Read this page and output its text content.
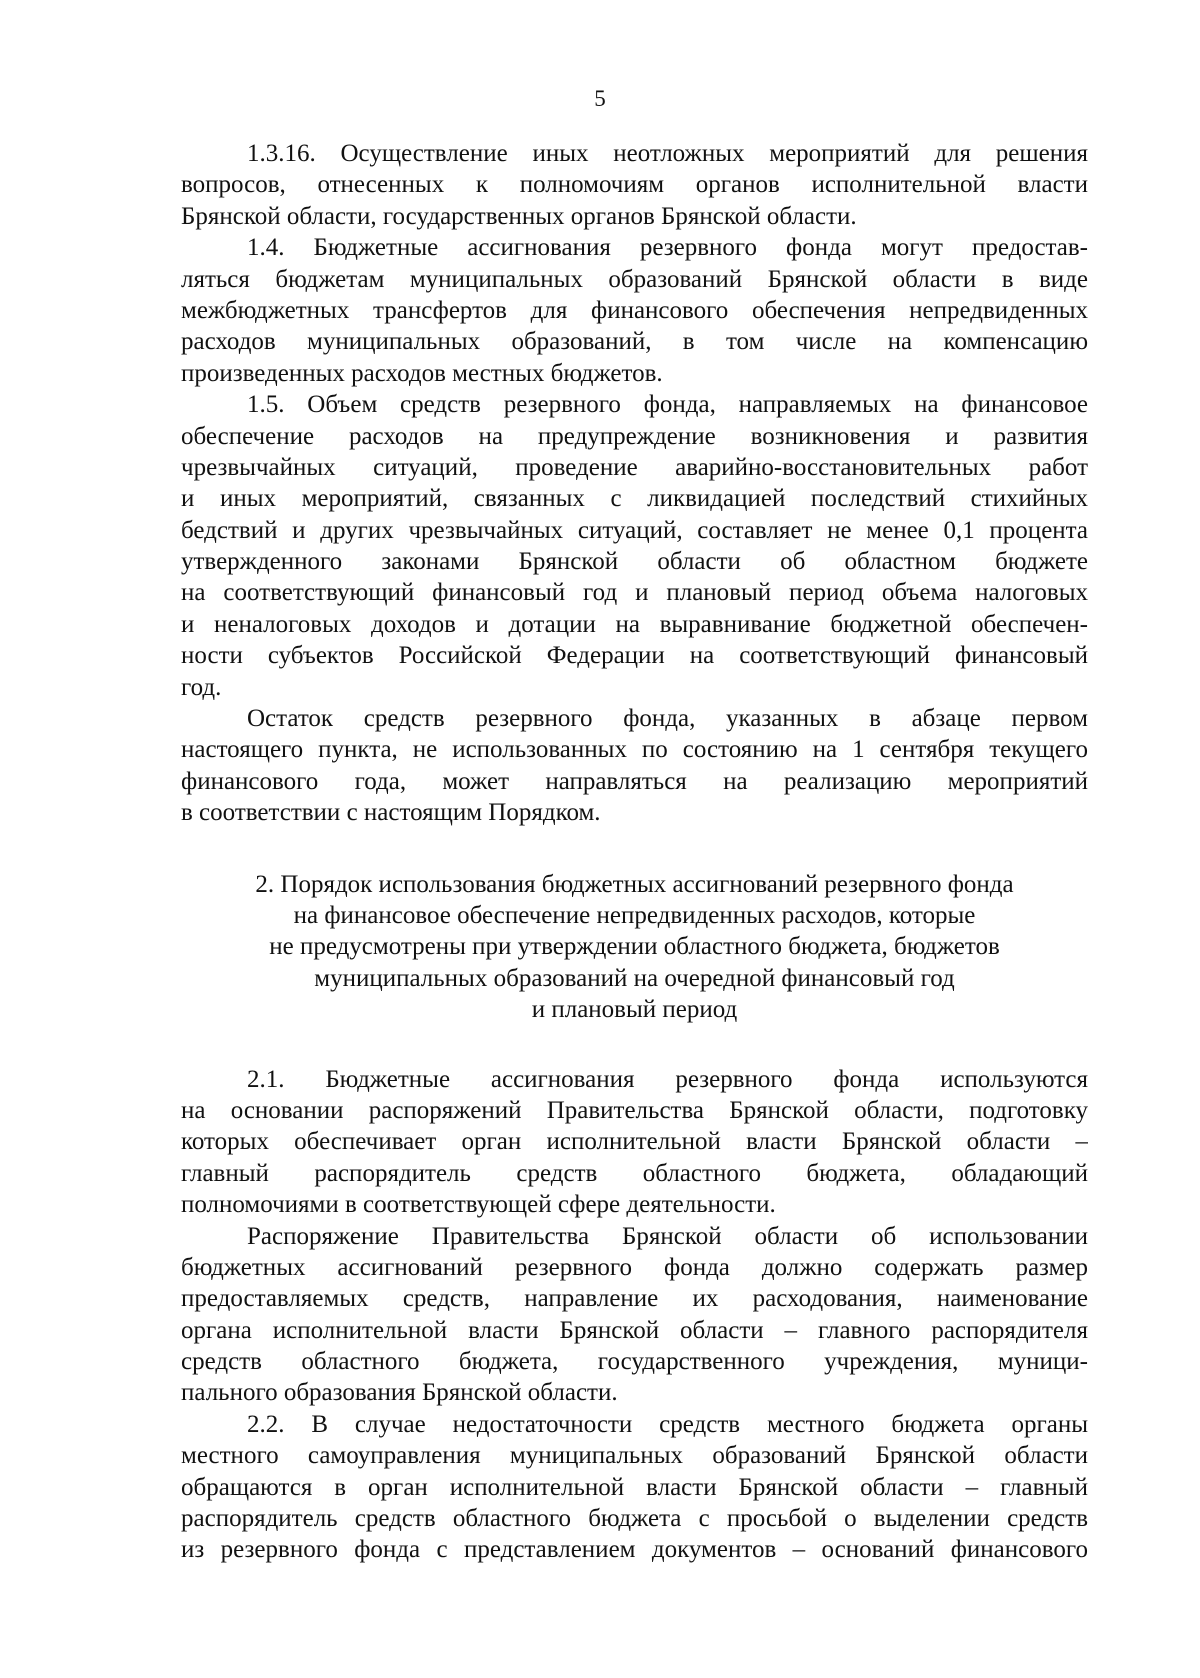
5
1.3.16. Осуществление иных неотложных мероприятий для решения
вопросов, отнесенных к полномочиям органов исполнительной власти
Брянской области, государственных органов Брянской области.
1.4. Бюджетные ассигнования резервного фонда могут предостав-
ляться бюджетам муниципальных образований Брянской области в виде
межбюджетных трансфертов для финансового обеспечения непредвиденных
расходов муниципальных образований, в том числе на компенсацию
произведенных расходов местных бюджетов.
1.5. Объем средств резервного фонда, направляемых на финансовое
обеспечение расходов на предупреждение возникновения и развития
чрезвычайных ситуаций, проведение аварийно-восстановительных работ
и иных мероприятий, связанных с ликвидацией последствий стихийных
бедствий и других чрезвычайных ситуаций, составляет не менее 0,1 процента
утвержденного законами Брянской области об областном бюджете
на соответствующий финансовый год и плановый период объема налоговых
и неналоговых доходов и дотации на выравнивание бюджетной обеспечен-
ности субъектов Российской Федерации на соответствующий финансовый
год.
Остаток средств резервного фонда, указанных в абзаце первом
настоящего пункта, не использованных по состоянию на 1 сентября текущего
финансового года, может направляться на реализацию мероприятий
в соответствии с настоящим Порядком.
2. Порядок использования бюджетных ассигнований резервного фонда
на финансовое обеспечение непредвиденных расходов, которые
не предусмотрены при утверждении областного бюджета, бюджетов
муниципальных образований на очередной финансовый год
и плановый период
2.1. Бюджетные ассигнования резервного фонда используются
на основании распоряжений Правительства Брянской области, подготовку
которых обеспечивает орган исполнительной власти Брянской области –
главный распорядитель средств областного бюджета, обладающий
полномочиями в соответствующей сфере деятельности.
Распоряжение Правительства Брянской области об использовании
бюджетных ассигнований резервного фонда должно содержать размер
предоставляемых средств, направление их расходования, наименование
органа исполнительной власти Брянской области – главного распорядителя
средств областного бюджета, государственного учреждения, муници-
пального образования Брянской области.
2.2. В случае недостаточности средств местного бюджета органы
местного самоуправления муниципальных образований Брянской области
обращаются в орган исполнительной власти Брянской области – главный
распорядитель средств областного бюджета с просьбой о выделении средств
из резервного фонда с представлением документов – оснований финансового
